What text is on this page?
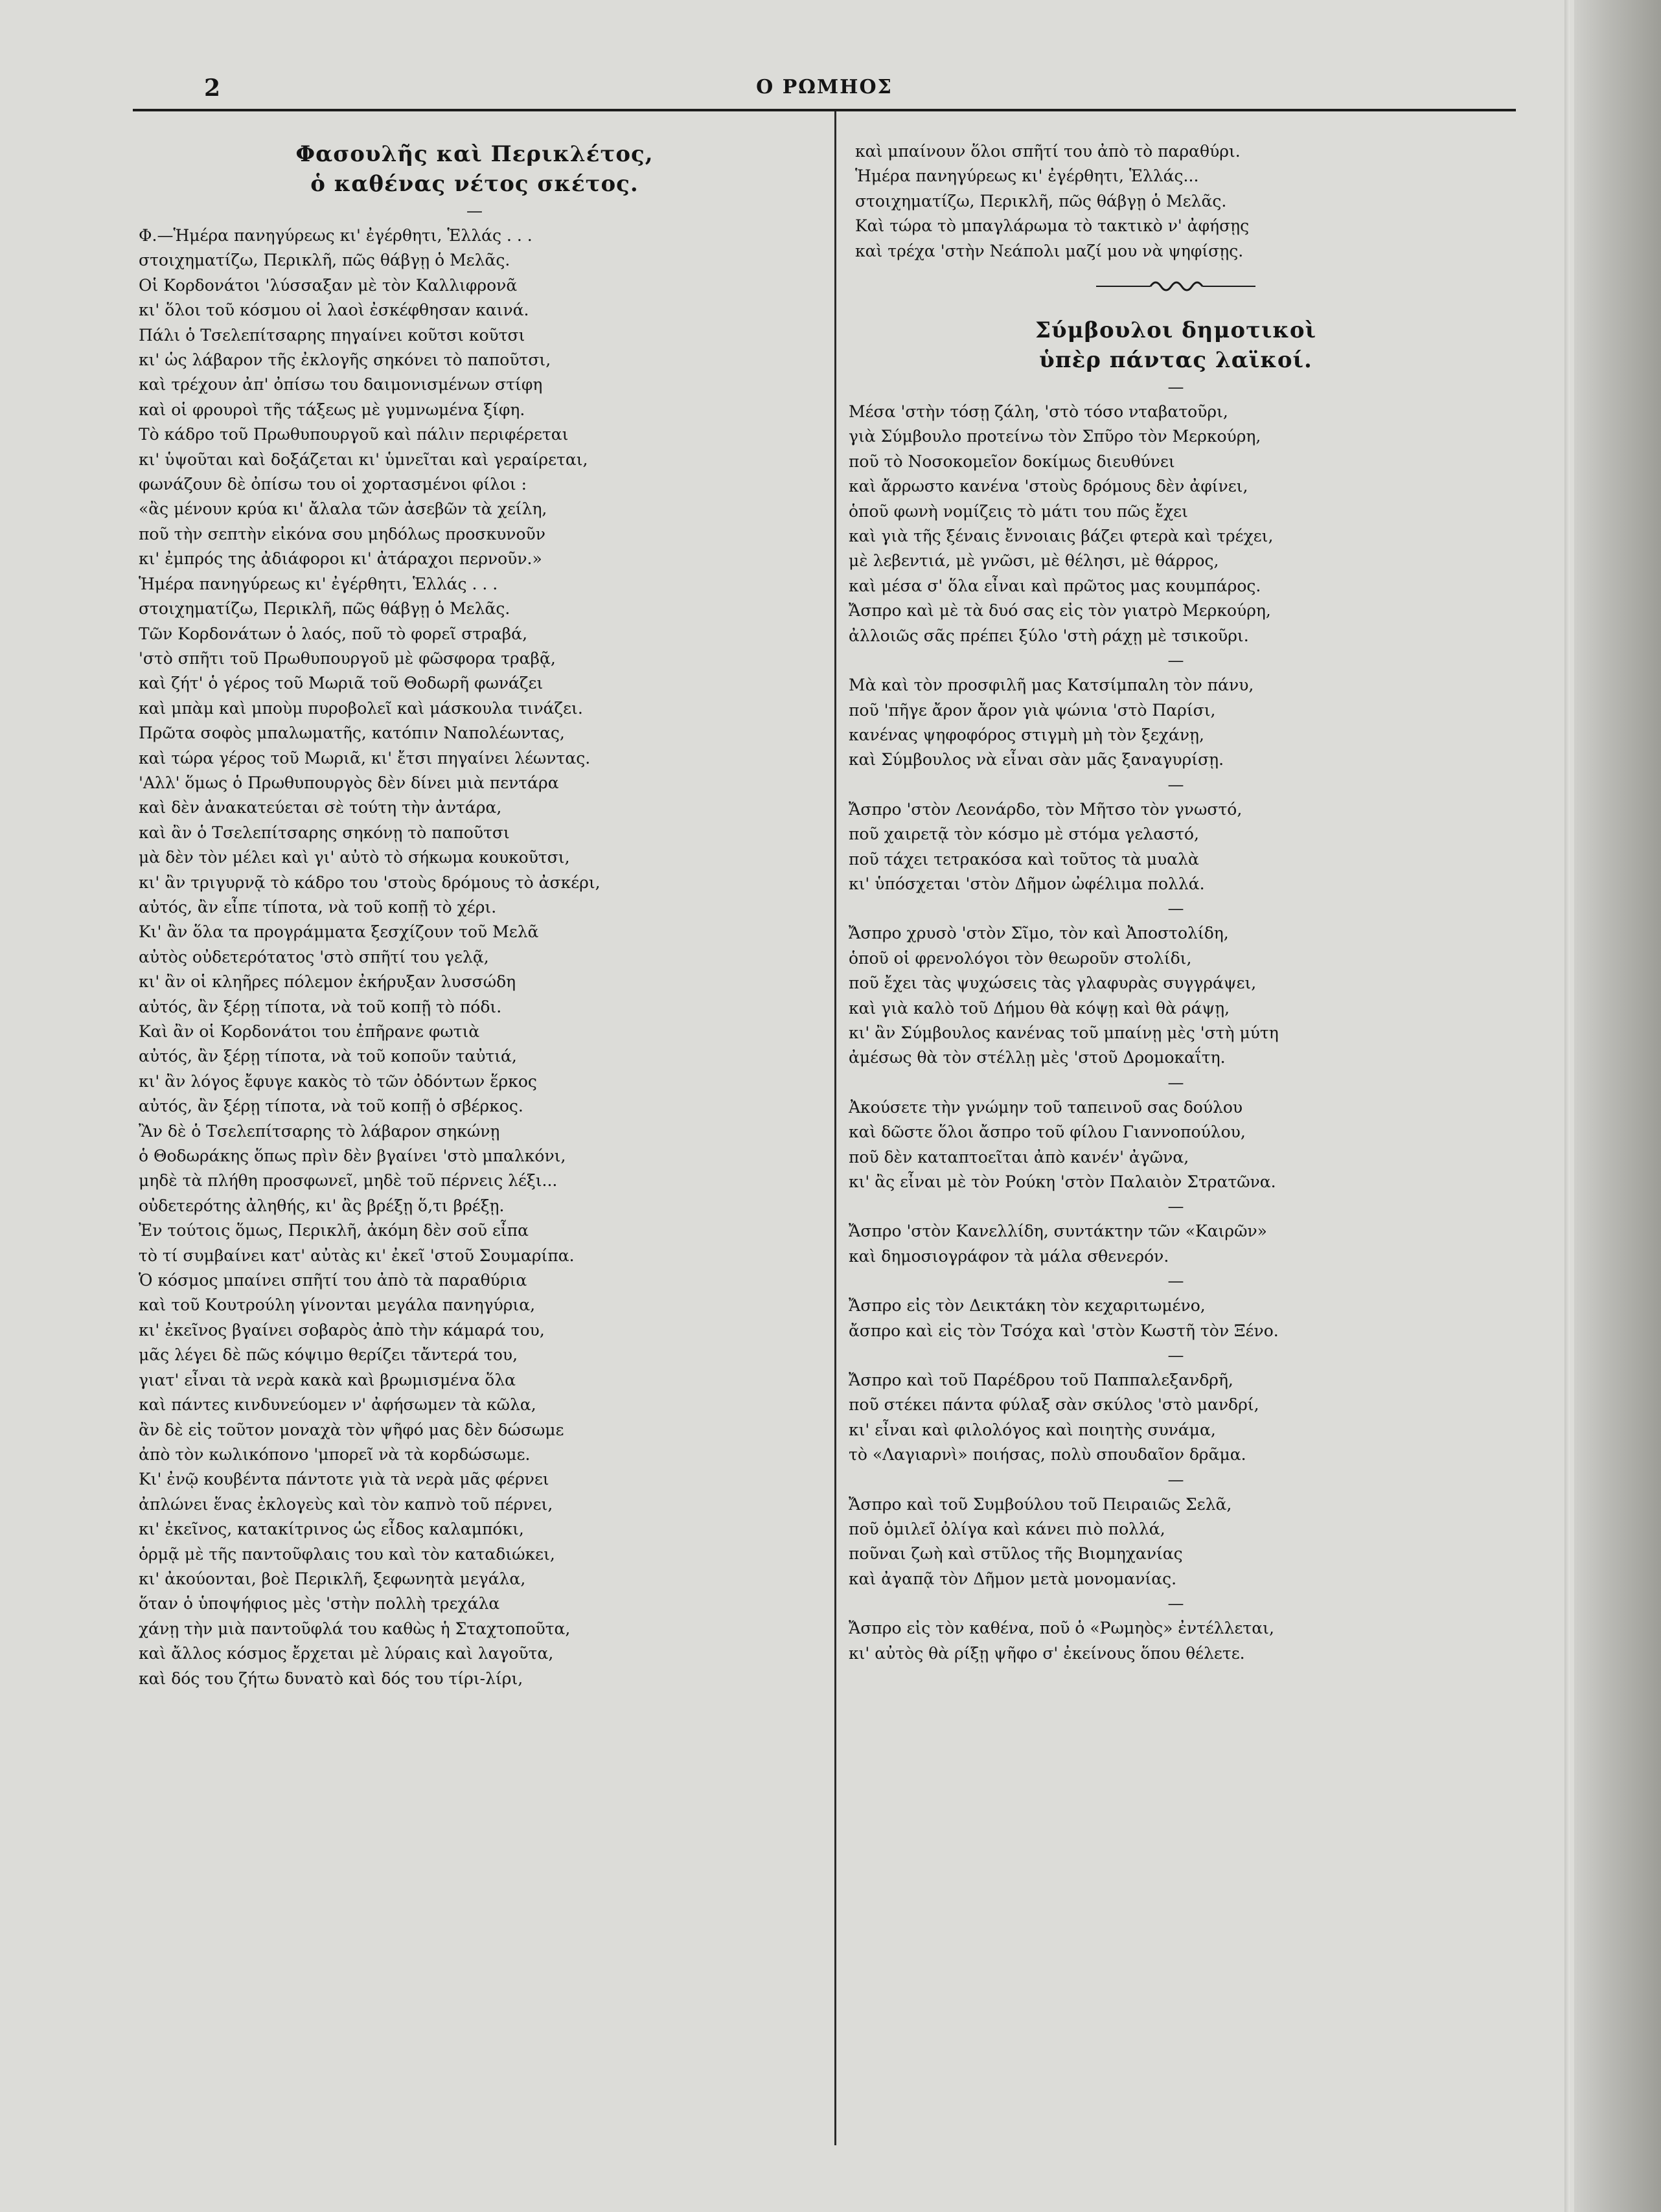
2	Ο ΡΩΜΗΟΣ
Φασουλῆς καὶ Περικλέτος,
ὁ καθένας νέτος σκέτος.
—
Φ.—Ἡμέρα πανηγύρεως κι' ἐγέρθητι, Ἑλλάς . . .
στοιχηματίζω, Περικλῆ, πῶς θάβγῃ ὁ Μελᾶς.
Οἱ Κορδονάτοι 'λύσσαξαν μὲ τὸν Καλλιφρονᾶ
κι' ὅλοι τοῦ κόσμου οἱ λαοὶ ἐσκέφθησαν καινά.
Πάλι ὁ Τσελεπίτσαρης πηγαίνει κοῦτσι κοῦτσι
κι' ὡς λάβαρον τῆς ἐκλογῆς σηκόνει τὸ παποῦτσι,
καὶ τρέχουν ἀπ' ὀπίσω του δαιμονισμένων στίφη
καὶ οἱ φρουροὶ τῆς τάξεως μὲ γυμνωμένα ξίφη.
Τὸ κάδρο τοῦ Πρωθυπουργοῦ καὶ πάλιν περιφέρεται
κι' ὑψοῦται καὶ δοξάζεται κι' ὑμνεῖται καὶ γεραίρεται,
φωνάζουν δὲ ὀπίσω του οἱ χορτασμένοι φίλοι :
«ἂς μένουν κρύα κι' ἄλαλα τῶν ἀσεβῶν τὰ χείλη,
ποῦ τὴν σεπτὴν εἰκόνα σου μηδόλως προσκυνοῦν
κι' ἐμπρός της ἀδιάφοροι κι' ἀτάραχοι περνοῦν.»
Ἡμέρα πανηγύρεως κι' ἐγέρθητι, Ἑλλάς . . .
στοιχηματίζω, Περικλῆ, πῶς θάβγῃ ὁ Μελᾶς.
Τῶν Κορδονάτων ὁ λαός, ποῦ τὸ φορεῖ στραβά,
'στὸ σπῆτι τοῦ Πρωθυπουργοῦ μὲ φῶσφορα τραβᾷ,
καὶ ζήτ' ὁ γέρος τοῦ Μωριᾶ τοῦ Θοδωρῆ φωνάζει
καὶ μπὰμ καὶ μποὺμ πυροβολεῖ καὶ μάσκουλα τινάζει.
Πρῶτα σοφὸς μπαλωματῆς, κατόπιν Ναπολέωντας,
καὶ τώρα γέρος τοῦ Μωριᾶ, κι' ἔτσι πηγαίνει λέωντας.
'Αλλ' ὅμως ὁ Πρωθυπουργὸς δὲν δίνει μιὰ πεντάρα
καὶ δὲν ἀνακατεύεται σὲ τούτη τὴν ἀντάρα,
καὶ ἂν ὁ Τσελεπίτσαρης σηκόνῃ τὸ παποῦτσι
μὰ δὲν τὸν μέλει καὶ γι' αὐτὸ τὸ σήκωμα κουκοῦτσι,
κι' ἂν τριγυρνᾷ τὸ κάδρο του 'στοὺς δρόμους τὸ ἀσκέρι,
αὐτός, ἂν εἶπε τίποτα, νὰ τοῦ κοπῇ τὸ χέρι.
Κι' ἂν ὅλα τα προγράμματα ξεσχίζουν τοῦ Μελᾶ
αὐτὸς οὐδετερότατος 'στὸ σπῆτί του γελᾷ,
κι' ἂν οἱ κληῆρες πόλεμον ἐκήρυξαν λυσσώδη
αὐτός, ἂν ξέρῃ τίποτα, νὰ τοῦ κοπῇ τὸ πόδι.
Καὶ ἂν οἱ Κορδονάτοι του ἐπῆρανε φωτιὰ
αὐτός, ἂν ξέρῃ τίποτα, νὰ τοῦ κοποῦν ταὐτιά,
κι' ἂν λόγος ἔφυγε κακὸς τὸ τῶν ὀδόντων ἕρκος
αὐτός, ἂν ξέρῃ τίποτα, νὰ τοῦ κοπῇ ὁ σβέρκος.
Ἂν δὲ ὁ Τσελεπίτσαρης τὸ λάβαρον σηκώνῃ
ὁ Θοδωράκης ὅπως πρὶν δὲν βγαίνει 'στὸ μπαλκόνι,
μηδὲ τὰ πλήθη προσφωνεῖ, μηδὲ τοῦ πέρνεις λέξι...
οὐδετερότης ἀληθής, κι' ἂς βρέξῃ ὅ,τι βρέξῃ.
Ἐν τούτοις ὅμως, Περικλῆ, ἀκόμη δὲν σοῦ εἶπα
τὸ τί συμβαίνει κατ' αὐτὰς κι' ἐκεῖ 'στοῦ Σουμαρίπα.
Ὁ κόσμος μπαίνει σπῆτί του ἀπὸ τὰ παραθύρια
καὶ τοῦ Κουτρούλη γίνονται μεγάλα πανηγύρια,
κι' ἐκεῖνος βγαίνει σοβαρὸς ἀπὸ τὴν κάμαρά του,
μᾶς λέγει δὲ πῶς κόψιμο θερίζει τἄντερά του,
γιατ' εἶναι τὰ νερὰ κακὰ καὶ βρωμισμένα ὅλα
καὶ πάντες κινδυνεύομεν ν' ἀφήσωμεν τὰ κῶλα,
ἂν δὲ εἰς τοῦτον μοναχὰ τὸν ψῆφό μας δὲν δώσωμε
ἀπὸ τὸν κωλικόπονο 'μπορεῖ νὰ τὰ κορδώσωμε.
Κι' ἐνῷ κουβέντα πάντοτε γιὰ τὰ νερὰ μᾶς φέρνει
ἀπλώνει ἕνας ἐκλογεὺς καὶ τὸν καπνὸ τοῦ πέρνει,
κι' ἐκεῖνος, κατακίτρινος ὡς εἶδος καλαμπόκι,
ὁρμᾷ μὲ τῆς παντοῦφλαις του καὶ τὸν καταδιώκει,
κι' ἀκούονται, βοὲ Περικλῆ, ξεφωνητὰ μεγάλα,
ὅταν ὁ ὑποψήφιος μὲς 'στὴν πολλὴ τρεχάλα
χάνῃ τὴν μιὰ παντοῦφλά του καθὼς ἡ Σταχτοποῦτα,
καὶ ἄλλος κόσμος ἔρχεται μὲ λύραις καὶ λαγοῦτα,
καὶ δός του ζήτω δυνατὸ καὶ δός του τίρι-λίρι,
καὶ μπαίνουν ὅλοι σπῆτί του ἀπὸ τὸ παραθύρι.
Ἡμέρα πανηγύρεως κι' ἐγέρθητι, Ἑλλάς...
στοιχηματίζω, Περικλῆ, πῶς θάβγῃ ὁ Μελᾶς.
Καὶ τώρα τὸ μπαγλάρωμα τὸ τακτικὸ ν' ἀφήσῃς
καὶ τρέχα 'στὴν Νεάπολι μαζί μου νὰ ψηφίσῃς.
Σύμβουλοι δημοτικοὶ
ὑπὲρ πάντας λαϊκοί.
—
Μέσα 'στὴν τόσῃ ζάλη, 'στὸ τόσο νταβατοῦρι,
γιὰ Σύμβουλο προτείνω τὸν Σπῦρο τὸν Μερκούρη,
ποῦ τὸ Νοσοκομεῖον δοκίμως διευθύνει
καὶ ἄρρωστο κανένα 'στοὺς δρόμους δὲν ἀφίνει,
ὁποῦ φωνὴ νομίζεις τὸ μάτι του πῶς ἔχει
καὶ γιὰ τῆς ξέναις ἔννοιαις βάζει φτερὰ καὶ τρέχει,
μὲ λεβεντιά, μὲ γνῶσι, μὲ θέλησι, μὲ θάρρος,
καὶ μέσα σ' ὅλα εἶναι καὶ πρῶτος μας κουμπάρος.
Ἄσπρο καὶ μὲ τὰ δυό σας εἰς τὸν γιατρὸ Μερκούρη,
ἀλλοιῶς σᾶς πρέπει ξύλο 'στὴ ράχῃ μὲ τσικοῦρι.
—
Μὰ καὶ τὸν προσφιλῆ μας Κατσίμπαλη τὸν πάνυ,
ποῦ 'πῆγε ἄρον ἄρον γιὰ ψώνια 'στὸ Παρίσι,
κανένας ψηφοφόρος στιγμὴ μὴ τὸν ξεχάνῃ,
καὶ Σύμβουλος νὰ εἶναι σὰν μᾶς ξαναγυρίσῃ.
—
Ἄσπρο 'στὸν Λεονάρδο, τὸν Μῆτσο τὸν γνωστό,
ποῦ χαιρετᾷ τὸν κόσμο μὲ στόμα γελαστό,
ποῦ τάχει τετρακόσα καὶ τοῦτος τὰ μυαλὰ
κι' ὑπόσχεται 'στὸν Δῆμον ὠφέλιμα πολλά.
—
Ἄσπρο χρυσὸ 'στὸν Σῖμο, τὸν καὶ Ἀποστολίδη,
ὁποῦ οἱ φρενολόγοι τὸν θεωροῦν στολίδι,
ποῦ ἔχει τὰς ψυχώσεις τὰς γλαφυρὰς συγγράψει,
καὶ γιὰ καλὸ τοῦ Δήμου θὰ κόψῃ καὶ θὰ ράψῃ,
κι' ἂν Σύμβουλος κανένας τοῦ μπαίνῃ μὲς 'στὴ μύτη
ἀμέσως θὰ τὸν στέλλῃ μὲς 'στοῦ Δρομοκαΐτη.
—
Ἀκούσετε τὴν γνώμην τοῦ ταπεινοῦ σας δούλου
καὶ δῶστε ὅλοι ἄσπρο τοῦ φίλου Γιαννοπούλου,
ποῦ δὲν καταπτοεῖται ἀπὸ κανέν' ἀγῶνα,
κι' ἂς εἶναι μὲ τὸν Ρούκη 'στὸν Παλαιὸν Στρατῶνα.
—
Ἄσπρο 'στὸν Κανελλίδη, συντάκτην τῶν «Καιρῶν»
καὶ δημοσιογράφον τὰ μάλα σθενερόν.
—
Ἄσπρο εἰς τὸν Δεικτάκη τὸν κεχαριτωμένο,
ἄσπρο καὶ εἰς τὸν Τσόχα καὶ 'στὸν Κωστῆ τὸν Ξένο.
—
Ἄσπρο καὶ τοῦ Παρέδρου τοῦ Παππαλεξανδρῆ,
ποῦ στέκει πάντα φύλαξ σὰν σκύλος 'στὸ μανδρί,
κι' εἶναι καὶ φιλολόγος καὶ ποιητὴς συνάμα,
τὸ «Λαγιαρνὶ» ποιήσας, πολὺ σπουδαῖον δρᾶμα.
—
Ἄσπρο καὶ τοῦ Συμβούλου τοῦ Πειραιῶς Σελᾶ,
ποῦ ὁμιλεῖ ὀλίγα καὶ κάνει πιὸ πολλά,
ποῦναι ζωὴ καὶ στῦλος τῆς Βιομηχανίας
καὶ ἀγαπᾷ τὸν Δῆμον μετὰ μονομανίας.
—
Ἄσπρο εἰς τὸν καθένα, ποῦ ὁ «Ρωμηὸς» ἐντέλλεται,
κι' αὐτὸς θὰ ρίξῃ ψῆφο σ' ἐκείνους ὅπου θέλετε.
